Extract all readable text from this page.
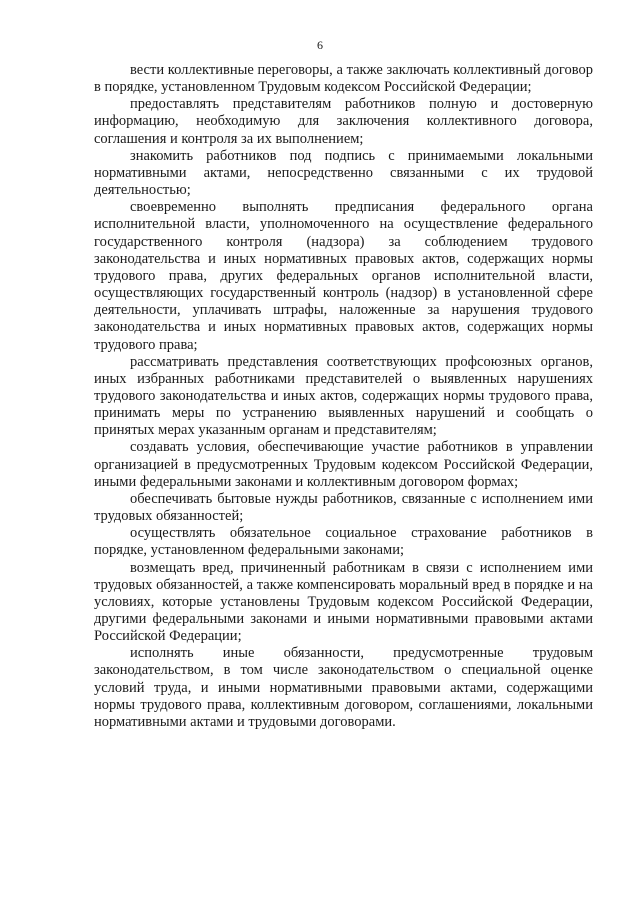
6

вести коллективные переговоры, а также заключать коллективный договор в порядке, установленном Трудовым кодексом Российской Федерации;

предоставлять представителям работников полную и достоверную информацию, необходимую для заключения коллективного договора, соглашения и контроля за их выполнением;

знакомить работников под подпись с принимаемыми локальными нормативными актами, непосредственно связанными с их трудовой деятельностью;

своевременно выполнять предписания федерального органа исполнительной власти, уполномоченного на осуществление федерального государственного контроля (надзора) за соблюдением трудового законодательства и иных нормативных правовых актов, содержащих нормы трудового права, других федеральных органов исполнительной власти, осуществляющих государственный контроль (надзор) в установленной сфере деятельности, уплачивать штрафы, наложенные за нарушения трудового законодательства и иных нормативных правовых актов, содержащих нормы трудового права;

рассматривать представления соответствующих профсоюзных органов, иных избранных работниками представителей о выявленных нарушениях трудового законодательства и иных актов, содержащих нормы трудового права, принимать меры по устранению выявленных нарушений и сообщать о принятых мерах указанным органам и представителям;

создавать условия, обеспечивающие участие работников в управлении организацией в предусмотренных Трудовым кодексом Российской Федерации, иными федеральными законами и коллективным договором формах;

обеспечивать бытовые нужды работников, связанные с исполнением ими трудовых обязанностей;

осуществлять обязательное социальное страхование работников в порядке, установленном федеральными законами;

возмещать вред, причиненный работникам в связи с исполнением ими трудовых обязанностей, а также компенсировать моральный вред в порядке и на условиях, которые установлены Трудовым кодексом Российской Федерации, другими федеральными законами и иными нормативными правовыми актами Российской Федерации;

исполнять иные обязанности, предусмотренные трудовым законодательством, в том числе законодательством о специальной оценке условий труда, и иными нормативными правовыми актами, содержащими нормы трудового права, коллективным договором, соглашениями, локальными нормативными актами и трудовыми договорами.
